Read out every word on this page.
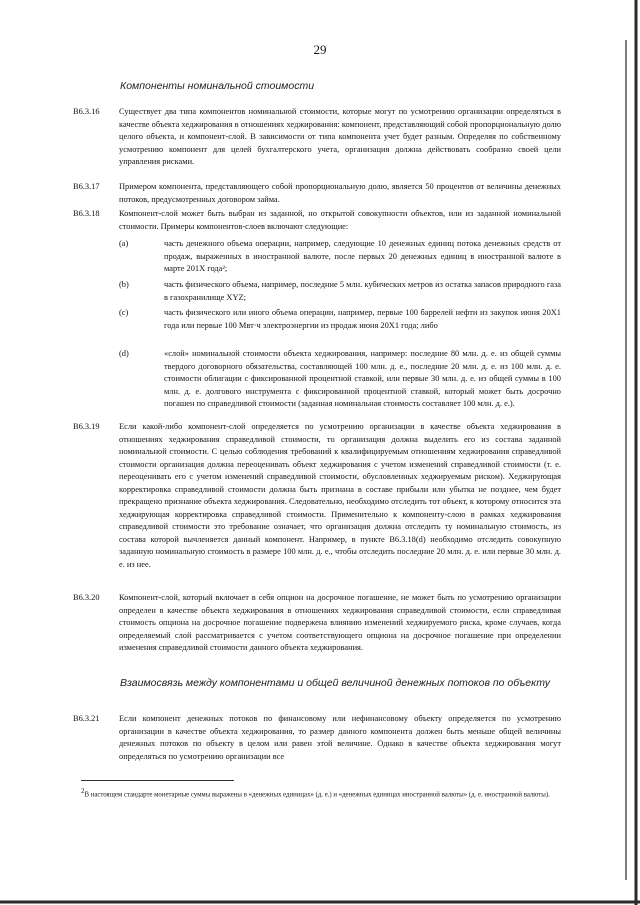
29
Компоненты номинальной стоимости
B6.3.16	Существует два типа компонентов номинальной стоимости, которые могут по усмотрению организации определяться в качестве объекта хеджирования в отношениях хеджирования: компонент, представляющий собой пропорциональную долю целого объекта, и компонент-слой. В зависимости от типа компонента учет будет разным. Определяя по собственному усмотрению компонент для целей бухгалтерского учета, организация должна действовать сообразно своей цели управления рисками.
B6.3.17	Примером компонента, представляющего собой пропорциональную долю, является 50 процентов от величины денежных потоков, предусмотренных договором займа.
B6.3.18	Компонент-слой может быть выбран из заданной, но открытой совокупности объектов, или из заданной номинальной стоимости. Примеры компонентов-слоев включают следующие:
(a)	часть денежного объема операции, например, следующие 10 денежных единиц потока денежных средств от продаж, выраженных в иностранной валюте, после первых 20 денежных единиц в иностранной валюте в марте 201X года²;
(b)	часть физического объема, например, последние 5 млн. кубических метров из остатка запасов природного газа в газохранилище XYZ;
(c)	часть физического или иного объема операции, например, первые 100 баррелей нефти из закупок июня 20X1 года или первые 100 Мвт·ч электроэнергии из продаж июня 20X1 года; либо
(d)	«слой» номинальной стоимости объекта хеджирования, например: последние 80 млн. д. е. из общей суммы твердого договорного обязательства, составляющей 100 млн. д. е., последние 20 млн. д. е. из 100 млн. д. е. стоимости облигации с фиксированной процентной ставкой, или первые 30 млн. д. е. из общей суммы в 100 млн. д. е. долгового инструмента с фиксированной процентной ставкой, который может быть досрочно погашен по справедливой стоимости (заданная номинальная стоимость составляет 100 млн. д. е.).
B6.3.19	Если какой-либо компонент-слой определяется по усмотрению организации в качестве объекта хеджирования в отношениях хеджирования справедливой стоимости, то организация должна выделить его из состава заданной номинальной стоимости. С целью соблюдения требований к квалифицируемым отношениям хеджирования справедливой стоимости организация должна переоценивать объект хеджирования с учетом изменений справедливой стоимости (т. е. переоценивать его с учетом изменений справедливой стоимости, обусловленных хеджируемым риском). Хеджирующая корректировка справедливой стоимости должна быть признана в составе прибыли или убытка не позднее, чем будет прекращено признание объекта хеджирования. Следовательно, необходимо отследить тот объект, к которому относится эта хеджирующая корректировка справедливой стоимости. Применительно к компоненту-слою в рамках хеджирования справедливой стоимости это требование означает, что организация должна отследить ту номинальную стоимость, из состава которой вычленяется данный компонент. Например, в пункте B6.3.18(d) необходимо отследить совокупную заданную номинальную стоимость в размере 100 млн. д. е., чтобы отследить последние 20 млн. д. е. или первые 30 млн. д. е. из нее.
B6.3.20	Компонент-слой, который включает в себя опцион на досрочное погашение, не может быть по усмотрению организации определен в качестве объекта хеджирования в отношениях хеджирования справедливой стоимости, если справедливая стоимость опциона на досрочное погашение подвержена влиянию изменений хеджируемого риска, кроме случаев, когда определяемый слой рассматривается с учетом соответствующего опциона на досрочное погашение при определении изменения справедливой стоимости данного объекта хеджирования.
Взаимосвязь между компонентами и общей величиной денежных потоков по объекту
B6.3.21	Если компонент денежных потоков по финансовому или нефинансовому объекту определяется по усмотрению организации в качестве объекта хеджирования, то размер данного компонента должен быть меньше общей величины денежных потоков по объекту в целом или равен этой величине. Однако в качестве объекта хеджирования могут определяться по усмотрению организации все
$^2$В настоящем стандарте монетарные суммы выражены в «денежных единицах» (д. е.) и «денежных единицах иностранной валюты» (д. е. иностранной валюты).
